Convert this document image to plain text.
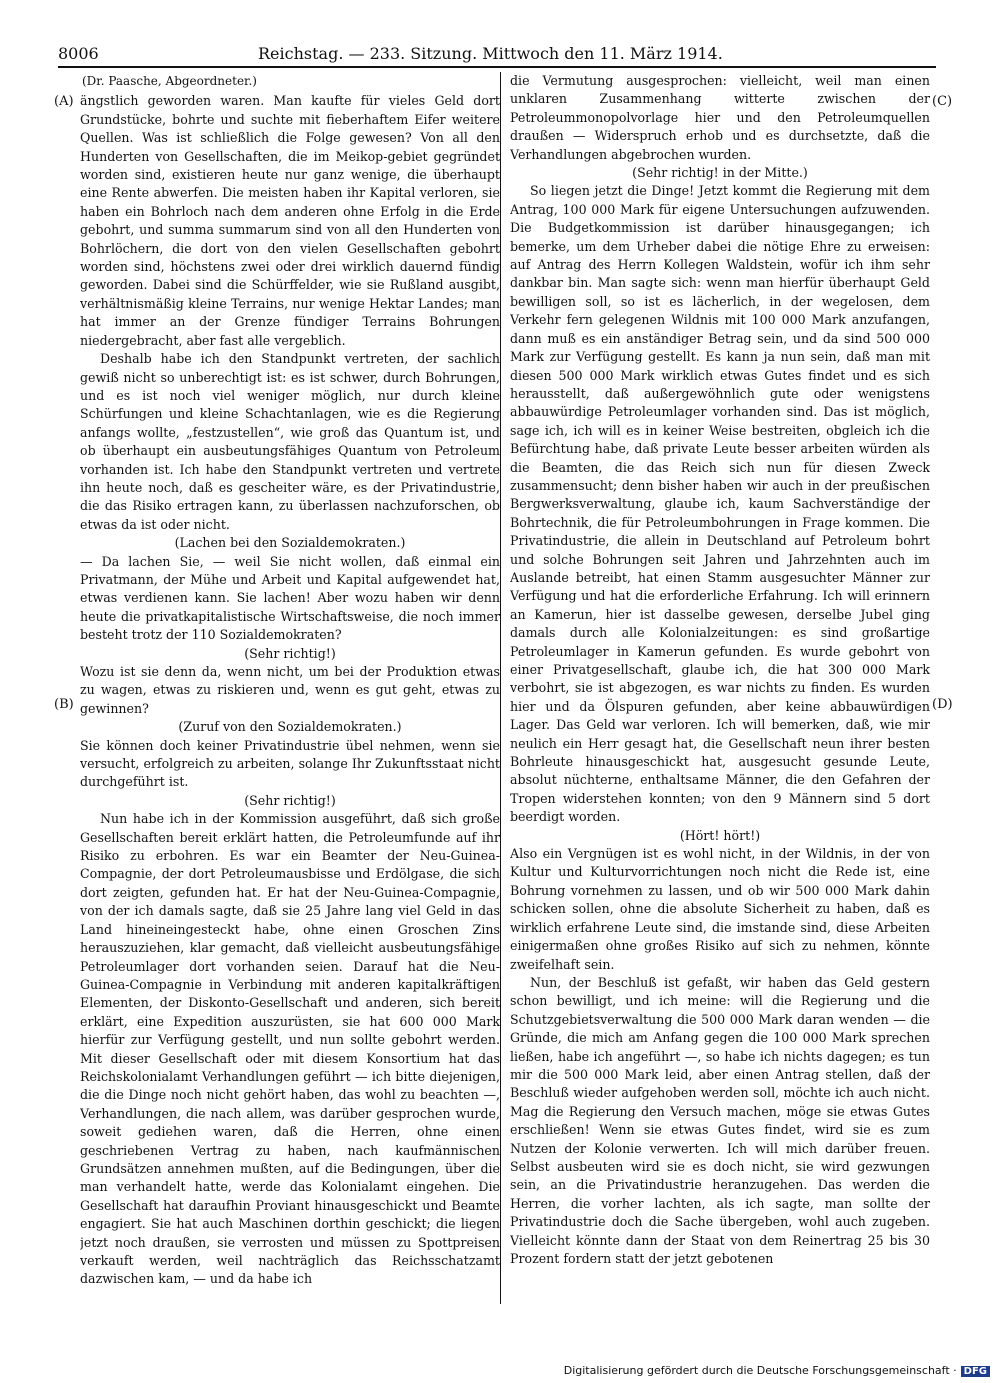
8006	Reichstag. — 233. Sitzung. Mittwoch den 11. März 1914.
(A)
(B)
(C)
(D)
(Dr. Paasche, Abgeordneter.)

ängstlich geworden waren. Man kaufte für vieles Geld dort Grundstücke, bohrte und suchte mit fieberhaftem Eifer weitere Quellen. Was ist schließlich die Folge gewesen? Von all den Hunderten von Gesellschaften, die im Meikop-gebiet gegründet worden sind, existieren heute nur ganz wenige, die überhaupt eine Rente abwerfen. Die meisten haben ihr Kapital verloren, sie haben ein Bohrloch nach dem anderen ohne Erfolg in die Erde gebohrt, und summa summarum sind von all den Hunderten von Bohrlöchern, die dort von den vielen Gesellschaften gebohrt worden sind, höchstens zwei oder drei wirklich dauernd fündig geworden. Dabei sind die Schürffelder, wie sie Rußland ausgibt, verhältnismäßig kleine Terrains, nur wenige Hektar Landes; man hat immer an der Grenze fündiger Terrains Bohrungen niedergebracht, aber fast alle vergeblich.

Deshalb habe ich den Standpunkt vertreten, der sachlich gewiß nicht so unberechtigt ist: es ist schwer, durch Bohrungen, und es ist noch viel weniger möglich, nur durch kleine Schürfungen und kleine Schachtanlagen, wie es die Regierung anfangs wollte, „festzustellen“, wie groß das Quantum ist, und ob überhaupt ein ausbeutungsfähiges Quantum von Petroleum vorhanden ist. Ich habe den Standpunkt vertreten und vertrete ihn heute noch, daß es gescheiter wäre, es der Privatindustrie, die das Risiko ertragen kann, zu überlassen nachzuforschen, ob etwas da ist oder nicht.

(Lachen bei den Sozialdemokraten.)

— Da lachen Sie, — weil Sie nicht wollen, daß einmal ein Privatmann, der Mühe und Arbeit und Kapital aufgewendet hat, etwas verdienen kann. Sie lachen! Aber wozu haben wir denn heute die privatkapitalistische Wirtschaftsweise, die noch immer besteht trotz der 110 Sozialdemokraten?

(Sehr richtig!)

Wozu ist sie denn da, wenn nicht, um bei der Produktion etwas zu wagen, etwas zu riskieren und, wenn es gut geht, etwas zu gewinnen?

(Zuruf von den Sozialdemokraten.)

Sie können doch keiner Privatindustrie übel nehmen, wenn sie versucht, erfolgreich zu arbeiten, solange Ihr Zukunftsstaat nicht durchgeführt ist.

(Sehr richtig!)

Nun habe ich in der Kommission ausgeführt, daß sich große Gesellschaften bereit erklärt hatten, die Petroleumfunde auf ihr Risiko zu erbohren. Es war ein Beamter der Neu-Guinea-Compagnie, der dort Petroleumausbisse und Erdölgase, die sich dort zeigten, gefunden hat. Er hat der Neu-Guinea-Compagnie, von der ich damals sagte, daß sie 25 Jahre lang viel Geld in das Land hineineingesteckt habe, ohne einen Groschen Zins herauszuziehen, klar gemacht, daß vielleicht ausbeutungsfähige Petroleumlager dort vorhanden seien. Darauf hat die Neu-Guinea-Compagnie in Verbindung mit anderen kapitalkräftigen Elementen, der Diskonto-Gesellschaft und anderen, sich bereit erklärt, eine Expedition auszurüsten, sie hat 600 000 Mark hierfür zur Verfügung gestellt, und nun sollte gebohrt werden. Mit dieser Gesellschaft oder mit diesem Konsortium hat das Reichskolonialamt Verhandlungen geführt — ich bitte diejenigen, die die Dinge noch nicht gehört haben, das wohl zu beachten —, Verhandlungen, die nach allem, was darüber gesprochen wurde, soweit gediehen waren, daß die Herren, ohne einen geschriebenen Vertrag zu haben, nach kaufmännischen Grundsätzen annehmen mußten, auf die Bedingungen, über die man verhandelt hatte, werde das Kolonialamt eingehen. Die Gesellschaft hat daraufhin Proviant hinausgeschickt und Beamte engagiert. Sie hat auch Maschinen dorthin geschickt; die liegen jetzt noch draußen, sie verrosten und müssen zu Spottpreisen verkauft werden, weil nachträglich das Reichsschatzamt dazwischen kam, — und da habe ich

die Vermutung ausgesprochen: vielleicht, weil man einen unklaren Zusammenhang witterte zwischen der Petroleummonopolvorlage hier und den Petroleumquellen draußen — Widerspruch erhob und es durchsetzte, daß die Verhandlungen abgebrochen wurden.

(Sehr richtig! in der Mitte.)

So liegen jetzt die Dinge! Jetzt kommt die Regierung mit dem Antrag, 100 000 Mark für eigene Untersuchungen aufzuwenden. Die Budgetkommission ist darüber hinausgegangen; ich bemerke, um dem Urheber dabei die nötige Ehre zu erweisen: auf Antrag des Herrn Kollegen Waldstein, wofür ich ihm sehr dankbar bin. Man sagte sich: wenn man hierfür überhaupt Geld bewilligen soll, so ist es lächerlich, in der wegelosen, dem Verkehr fern gelegenen Wildnis mit 100 000 Mark anzufangen, dann muß es ein anständiger Betrag sein, und da sind 500 000 Mark zur Verfügung gestellt. Es kann ja nun sein, daß man mit diesen 500 000 Mark wirklich etwas Gutes findet und es sich herausstellt, daß außergewöhnlich gute oder wenigstens abbauwürdige Petroleumlager vorhanden sind. Das ist möglich, sage ich, ich will es in keiner Weise bestreiten, obgleich ich die Befürchtung habe, daß private Leute besser arbeiten würden als die Beamten, die das Reich sich nun für diesen Zweck zusammensucht; denn bisher haben wir auch in der preußischen Bergwerksverwaltung, glaube ich, kaum Sachverständige der Bohrtechnik, die für Petroleumbohrungen in Frage kommen. Die Privatindustrie, die allein in Deutschland auf Petroleum bohrt und solche Bohrungen seit Jahren und Jahrzehnten auch im Auslande betreibt, hat einen Stamm ausgesuchter Männer zur Verfügung und hat die erforderliche Erfahrung. Ich will erinnern an Kamerun, hier ist dasselbe gewesen, derselbe Jubel ging damals durch alle Kolonialzeitungen: es sind großartige Petroleumlager in Kamerun gefunden. Es wurde gebohrt von einer Privatgesellschaft, glaube ich, die hat 300 000 Mark verbohrt, sie ist abgezogen, es war nichts zu finden. Es wurden hier und da Ölspuren gefunden, aber keine abbauwürdigen Lager. Das Geld war verloren. Ich will bemerken, daß, wie mir neulich ein Herr gesagt hat, die Gesellschaft neun ihrer besten Bohrleute hinausgeschickt hat, ausgesucht gesunde Leute, absolut nüchterne, enthaltsame Männer, die den Gefahren der Tropen widerstehen konnten; von den 9 Männern sind 5 dort beerdigt worden.

(Hört! hört!)

Also ein Vergnügen ist es wohl nicht, in der Wildnis, in der von Kultur und Kulturvorrichtungen noch nicht die Rede ist, eine Bohrung vornehmen zu lassen, und ob wir 500 000 Mark dahin schicken sollen, ohne die absolute Sicherheit zu haben, daß es wirklich erfahrene Leute sind, die imstande sind, diese Arbeiten einigermaßen ohne großes Risiko auf sich zu nehmen, könnte zweifelhaft sein.

Nun, der Beschluß ist gefaßt, wir haben das Geld gestern schon bewilligt, und ich meine: will die Regierung und die Schutzgebietsverwaltung die 500 000 Mark daran wenden — die Gründe, die mich am Anfang gegen die 100 000 Mark sprechen ließen, habe ich angeführt —, so habe ich nichts dagegen; es tun mir die 500 000 Mark leid, aber einen Antrag stellen, daß der Beschluß wieder aufgehoben werden soll, möchte ich auch nicht. Mag die Regierung den Versuch machen, möge sie etwas Gutes erschließen! Wenn sie etwas Gutes findet, wird sie es zum Nutzen der Kolonie verwerten. Ich will mich darüber freuen. Selbst ausbeuten wird sie es doch nicht, sie wird gezwungen sein, an die Privatindustrie heranzugehen. Das werden die Herren, die vorher lachten, als ich sagte, man sollte der Privatindustrie doch die Sache übergeben, wohl auch zugeben. Vielleicht könnte dann der Staat von dem Reinertrag 25 bis 30 Prozent fordern statt der jetzt gebotenen

Digitalisierung gefördert durch die Deutsche Forschungsgemeinschaft · DFG
